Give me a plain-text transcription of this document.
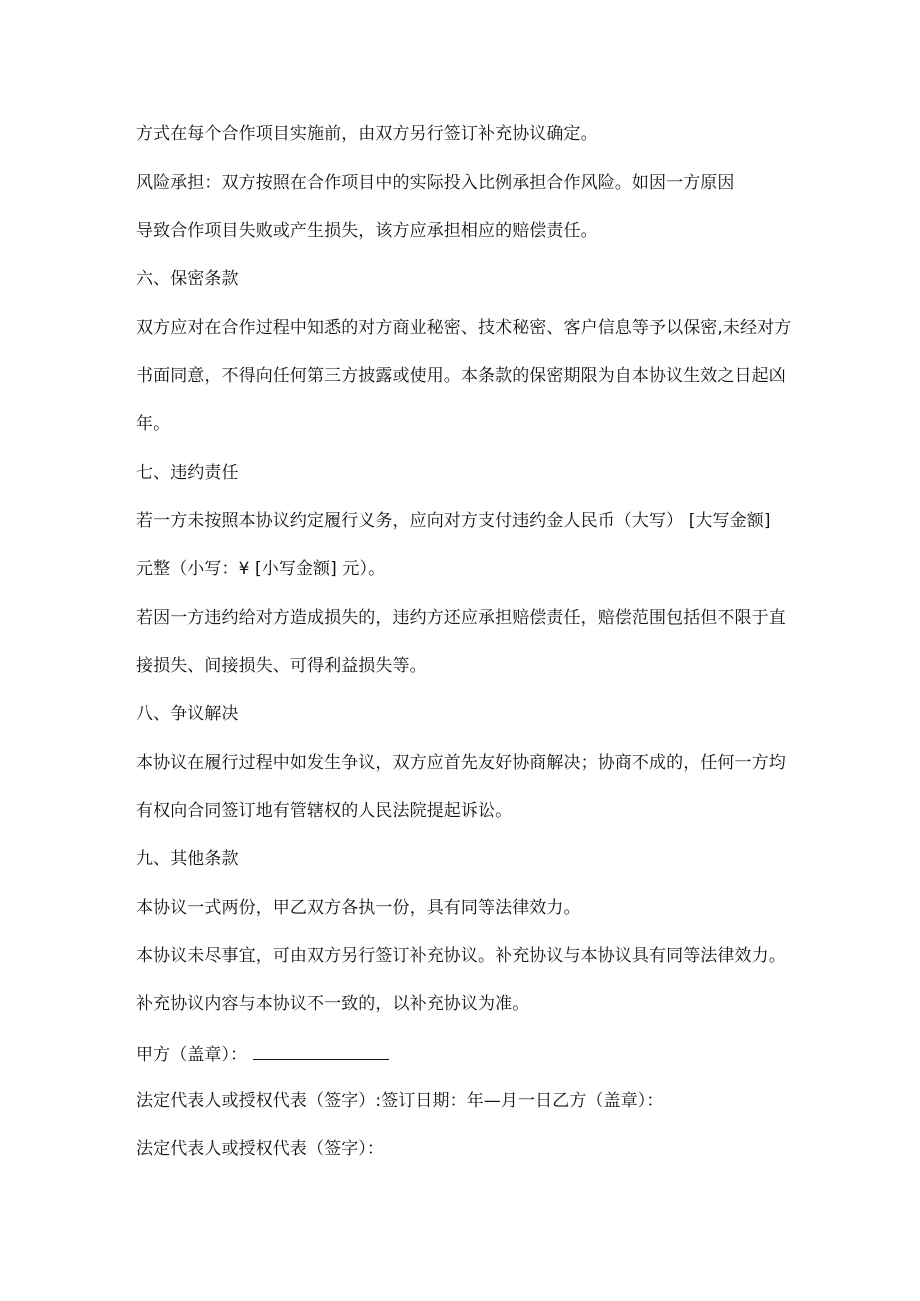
方式在每个合作项目实施前，由双方另行签订补充协议确定。
风险承担：双方按照在合作项目中的实际投入比例承担合作风险。如因一方原因
导致合作项目失败或产生损失，该方应承担相应的赔偿责任。
六、保密条款
双方应对在合作过程中知悉的对方商业秘密、技术秘密、客户信息等予以保密,未经对方
书面同意，不得向任何第三方披露或使用。本条款的保密期限为自本协议生效之日起凶
年。
七、违约责任
若一方未按照本协议约定履行义务，应向对方支付违约金人民币（大写） [大写金额]
元整（小写：¥ [小写金额] 元）。
若因一方违约给对方造成损失的，违约方还应承担赔偿责任，赔偿范围包括但不限于直
接损失、间接损失、可得利益损失等。
八、争议解决
本协议在履行过程中如发生争议，双方应首先友好协商解决；协商不成的，任何一方均
有权向合同签订地有管辖权的人民法院提起诉讼。
九、其他条款
本协议一式两份，甲乙双方各执一份，具有同等法律效力。
本协议未尽事宜，可由双方另行签订补充协议。补充协议与本协议具有同等法律效力。
补充协议内容与本协议不一致的，以补充协议为准。
甲方（盖章）：
法定代表人或授权代表（签字）:签订日期：年—月一日乙方（盖章）：
法定代表人或授权代表（签字）：
